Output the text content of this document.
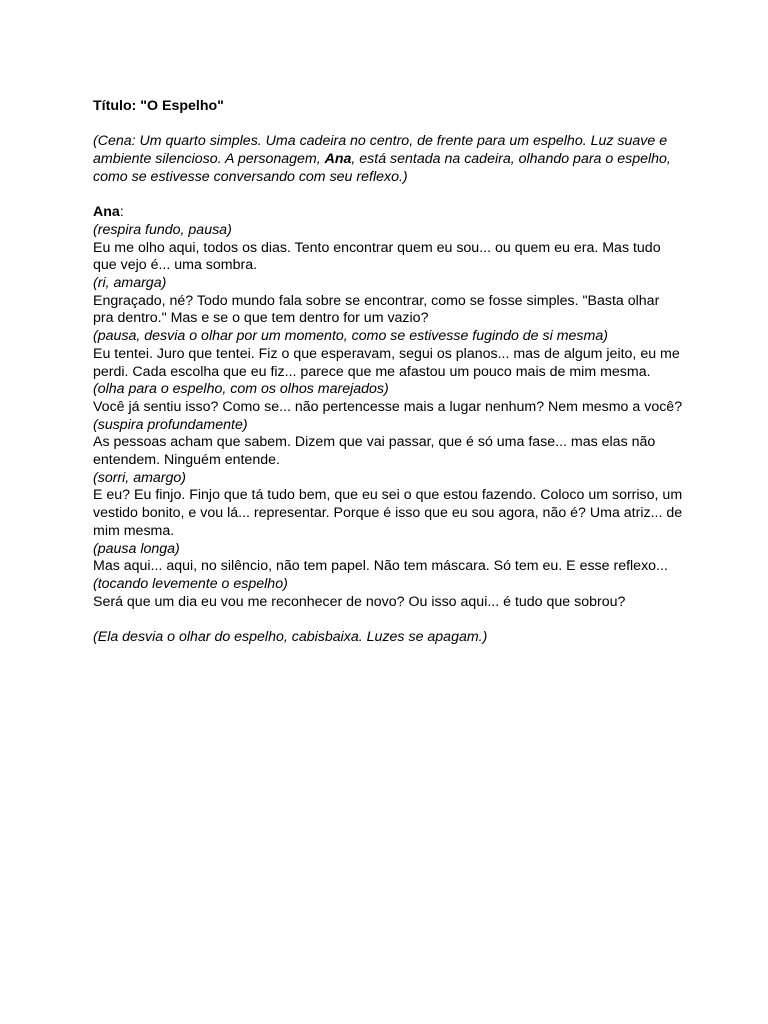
Título: "O Espelho"

(Cena: Um quarto simples. Uma cadeira no centro, de frente para um espelho. Luz suave e ambiente silencioso. A personagem, Ana, está sentada na cadeira, olhando para o espelho, como se estivesse conversando com seu reflexo.)

Ana:

(respira fundo, pausa)

Eu me olho aqui, todos os dias. Tento encontrar quem eu sou... ou quem eu era. Mas tudo que vejo é... uma sombra.

(ri, amarga)

Engraçado, né? Todo mundo fala sobre se encontrar, como se fosse simples. "Basta olhar pra dentro." Mas e se o que tem dentro for um vazio?

(pausa, desvia o olhar por um momento, como se estivesse fugindo de si mesma)

Eu tentei. Juro que tentei. Fiz o que esperavam, segui os planos... mas de algum jeito, eu me perdi. Cada escolha que eu fiz... parece que me afastou um pouco mais de mim mesma.

(olha para o espelho, com os olhos marejados)

Você já sentiu isso? Como se... não pertencesse mais a lugar nenhum? Nem mesmo a você?

(suspira profundamente)

As pessoas acham que sabem. Dizem que vai passar, que é só uma fase... mas elas não entendem. Ninguém entende.

(sorri, amargo)

E eu? Eu finjo. Finjo que tá tudo bem, que eu sei o que estou fazendo. Coloco um sorriso, um vestido bonito, e vou lá... representar. Porque é isso que eu sou agora, não é? Uma atriz... de mim mesma.

(pausa longa)

Mas aqui... aqui, no silêncio, não tem papel. Não tem máscara. Só tem eu. E esse reflexo...

(tocando levemente o espelho)

Será que um dia eu vou me reconhecer de novo? Ou isso aqui... é tudo que sobrou?

(Ela desvia o olhar do espelho, cabisbaixa. Luzes se apagam.)
